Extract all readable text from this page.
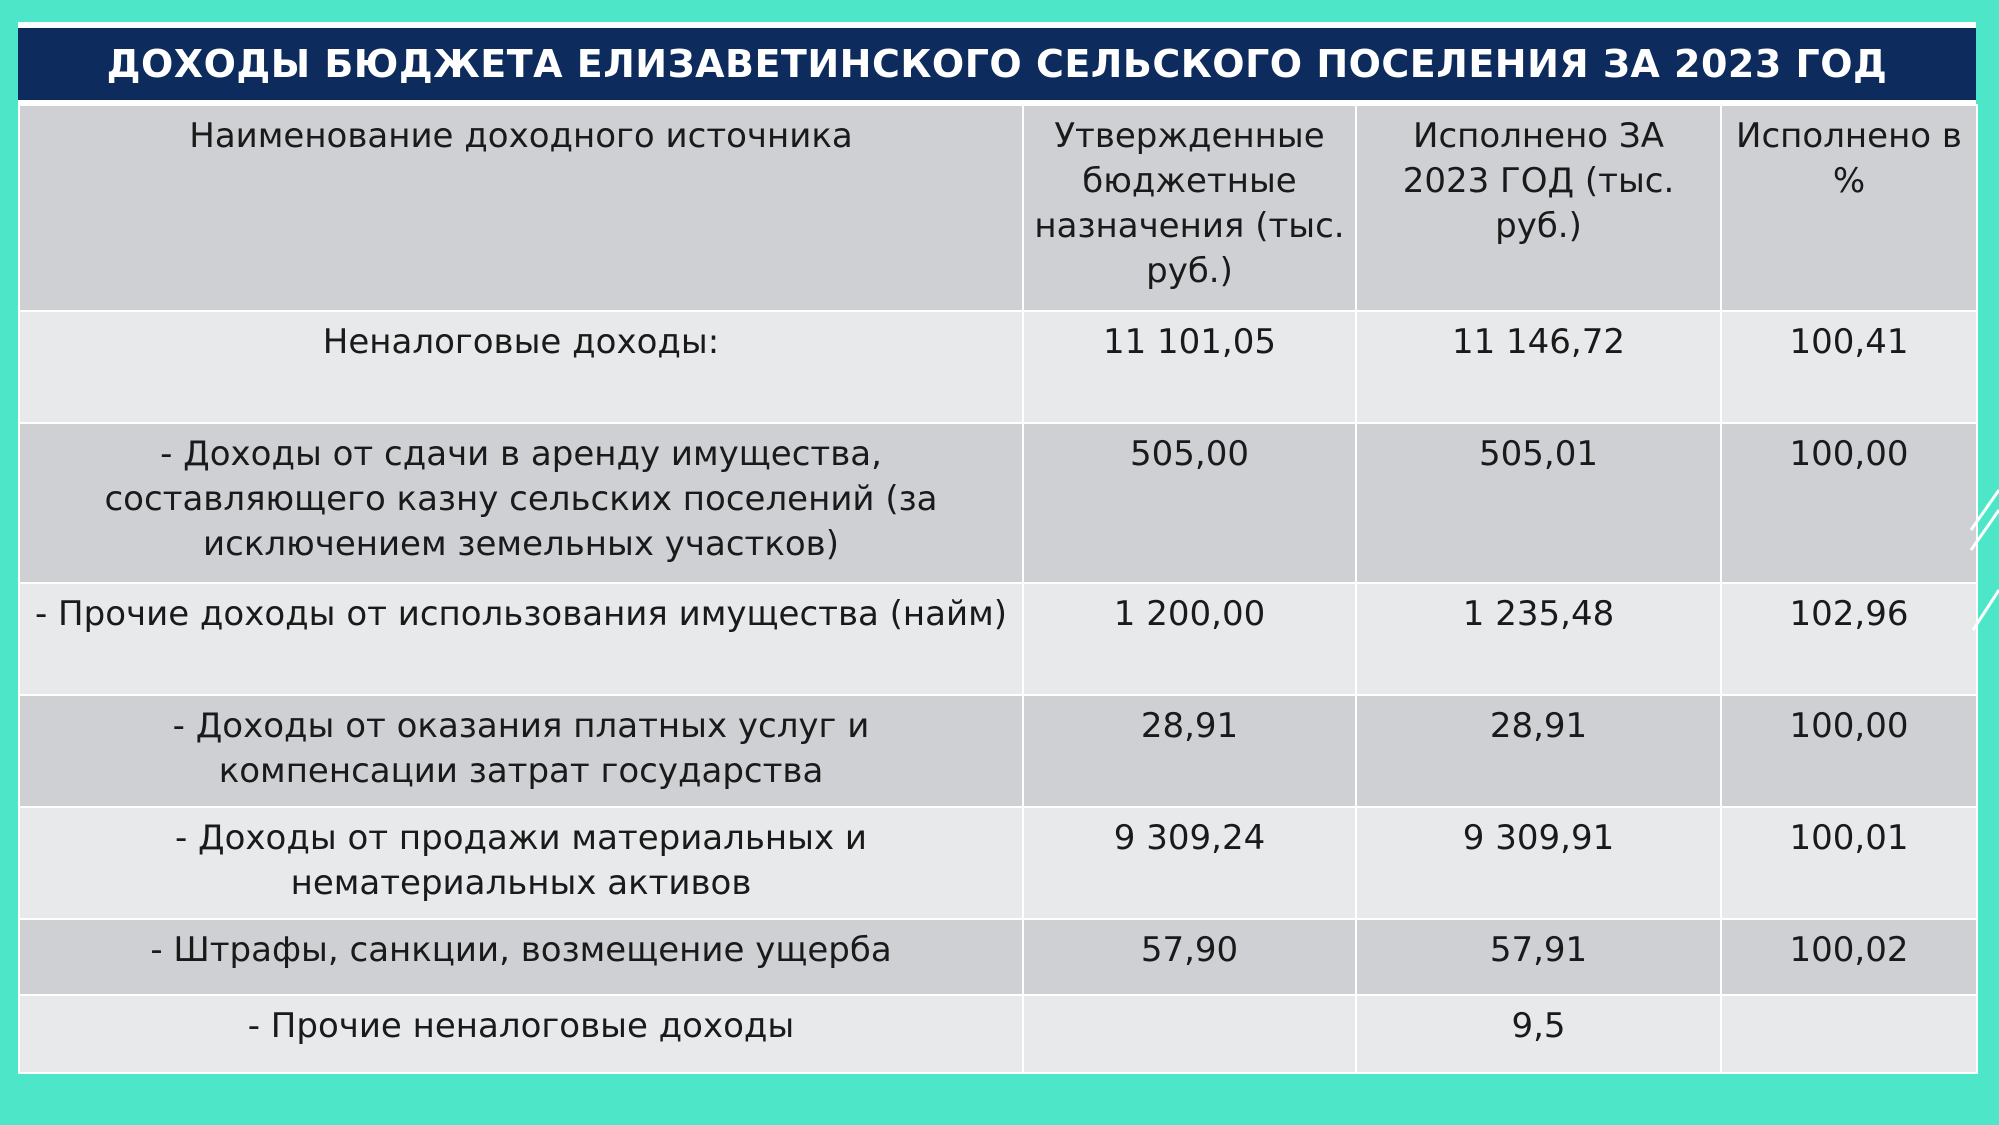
ДОХОДЫ БЮДЖЕТА ЕЛИЗАВЕТИНСКОГО СЕЛЬСКОГО ПОСЕЛЕНИЯ ЗА 2023 ГОД
Наименование доходного источника	Утвержденные бюджетные назначения (тыс. руб.)	Исполнено ЗА 2023 ГОД (тыс. руб.)	Исполнено в %
Неналоговые доходы:	11 101,05	11 146,72	100,41
- Доходы от сдачи в аренду имущества, составляющего казну сельских поселений (за исключением земельных участков)	505,00	505,01	100,00
- Прочие доходы от использования имущества (найм)	1 200,00	1 235,48	102,96
- Доходы от оказания платных услуг и компенсации затрат государства	28,91	28,91	100,00
- Доходы от продажи материальных и нематериальных активов	9 309,24	9 309,91	100,01
- Штрафы, санкции, возмещение ущерба	57,90	57,91	100,02
- Прочие неналоговые доходы		9,5	
